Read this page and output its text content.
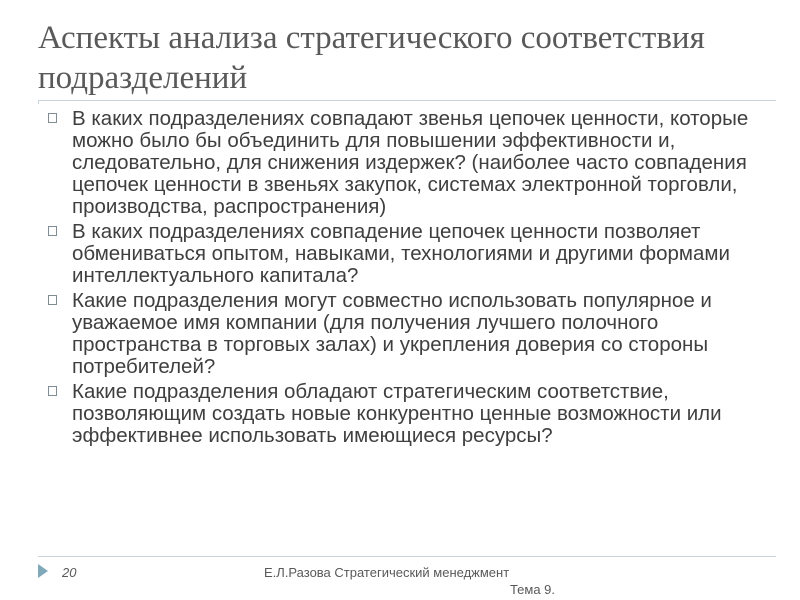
Аспекты анализа стратегического соответствия подразделений
В каких подразделениях совпадают звенья цепочек ценности, которые можно было бы объединить для повышении эффективности и, следовательно, для снижения издержек? (наиболее часто совпадения цепочек ценности в звеньях закупок, системах электронной торговли, производства, распространения)
В каких подразделениях совпадение цепочек ценности позволяет обмениваться опытом, навыками, технологиями и другими формами интеллектуального капитала?
Какие подразделения могут совместно использовать популярное и уважаемое имя компании (для получения лучшего полочного пространства в торговых залах) и укрепления доверия со стороны потребителей?
Какие подразделения обладают стратегическим соответствие, позволяющим создать новые конкурентно ценные возможности или эффективнее использовать имеющиеся ресурсы?
20	Е.Л.Разова Стратегический менеджмент
Тема 9.
